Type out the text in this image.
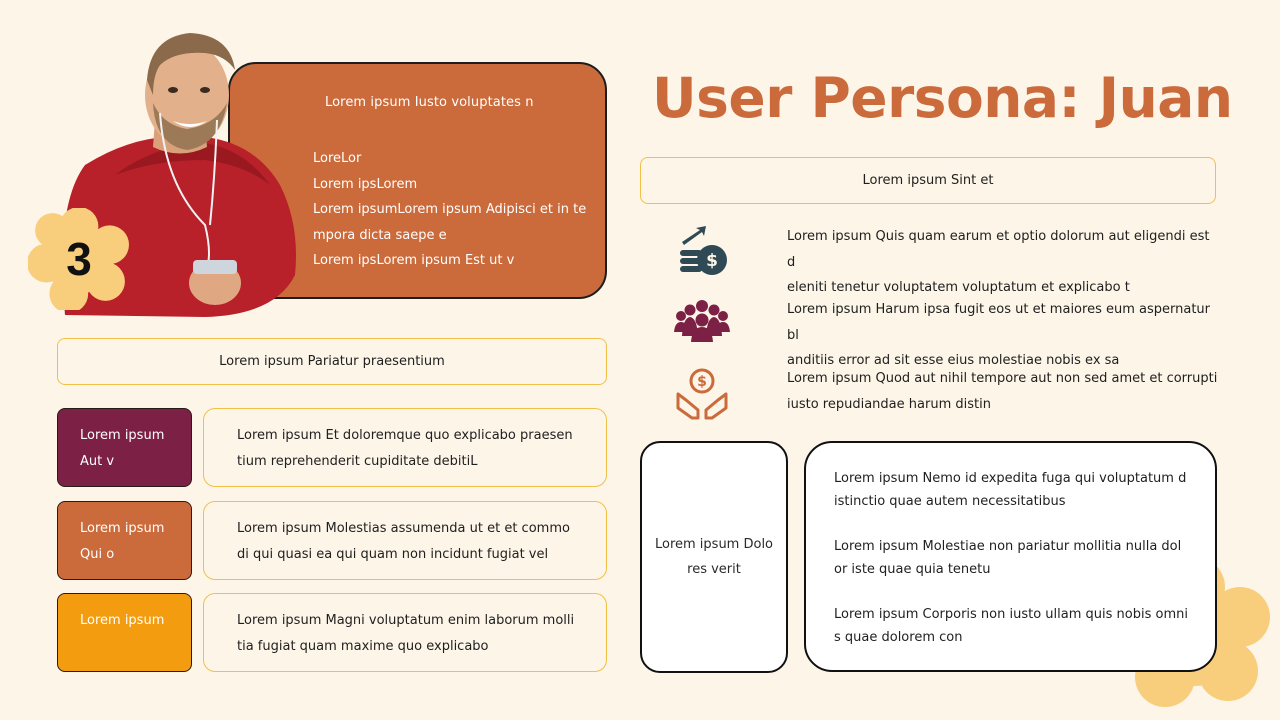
Lorem ipsum Iusto voluptates n
LoreLor
Lorem ipsLorem
Lorem ipsumLorem ipsum Adipisci et in te
mpora dicta saepe e
Lorem ipsLorem ipsum Est ut v
3
Lorem ipsum Pariatur praesentium
Lorem ipsum
Aut v
Lorem ipsum Et doloremque quo explicabo praesen
tium reprehenderit cupiditate debitiL
Lorem ipsum
Qui o
Lorem ipsum Molestias assumenda ut et et commo
di qui quasi ea qui quam non incidunt fugiat vel
Lorem ipsum	Lorem ipsum Magni voluptatum enim laborum molli
tia fugiat quam maxime quo explicabo
User Persona: Juan
Lorem ipsum Sint et
$
$
Lorem ipsum Quis quam earum et optio dolorum aut eligendi est d
eleniti tenetur voluptatem voluptatum et explicabo t
Lorem ipsum Harum ipsa fugit eos ut et maiores eum aspernatur bl
anditiis error ad sit esse eius molestiae nobis ex sa
Lorem ipsum Quod aut nihil tempore aut non sed amet et corrupti
iusto repudiandae harum distin
Lorem ipsum Dolo
res verit

Lorem ipsum Nemo id expedita fuga qui voluptatum d
istinctio quae autem necessitatibus

Lorem ipsum Molestiae non pariatur mollitia nulla dol
or iste quae quia tenetu

Lorem ipsum Corporis non iusto ullam quis nobis omni
s quae dolorem con
